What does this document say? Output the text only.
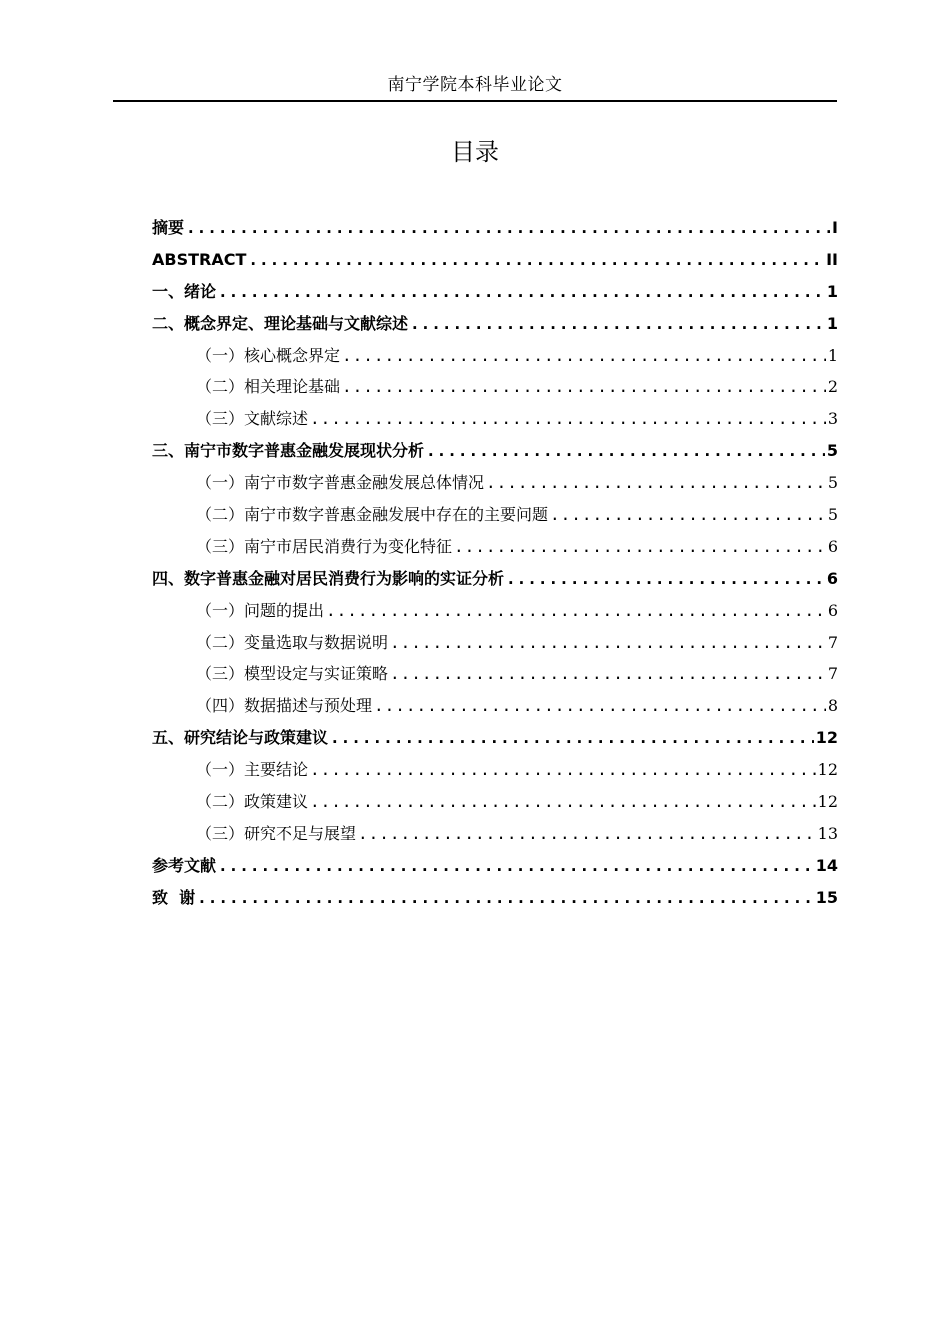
南宁学院本科毕业论文
目录
摘要 .....	I
ABSTRACT .....	II
一、绪论 .....	1
二、概念界定、理论基础与文献综述 .....	1
（一）核心概念界定 .....	1
（二）相关理论基础 .....	2
（三）文献综述 .....	3
三、南宁市数字普惠金融发展现状分析 .....	5
（一）南宁市数字普惠金融发展总体情况 .....	5
（二）南宁市数字普惠金融发展中存在的主要问题 .....	5
（三）南宁市居民消费行为变化特征 .....	6
四、数字普惠金融对居民消费行为影响的实证分析 .....	6
（一）问题的提出 .....	6
（二）变量选取与数据说明 .....	7
（三）模型设定与实证策略 .....	7
（四）数据描述与预处理 .....	8
五、研究结论与政策建议 .....	12
（一）主要结论 .....	12
（二）政策建议 .....	12
（三）研究不足与展望 .....	13
参考文献 .....	14
致  谢 .....	15
